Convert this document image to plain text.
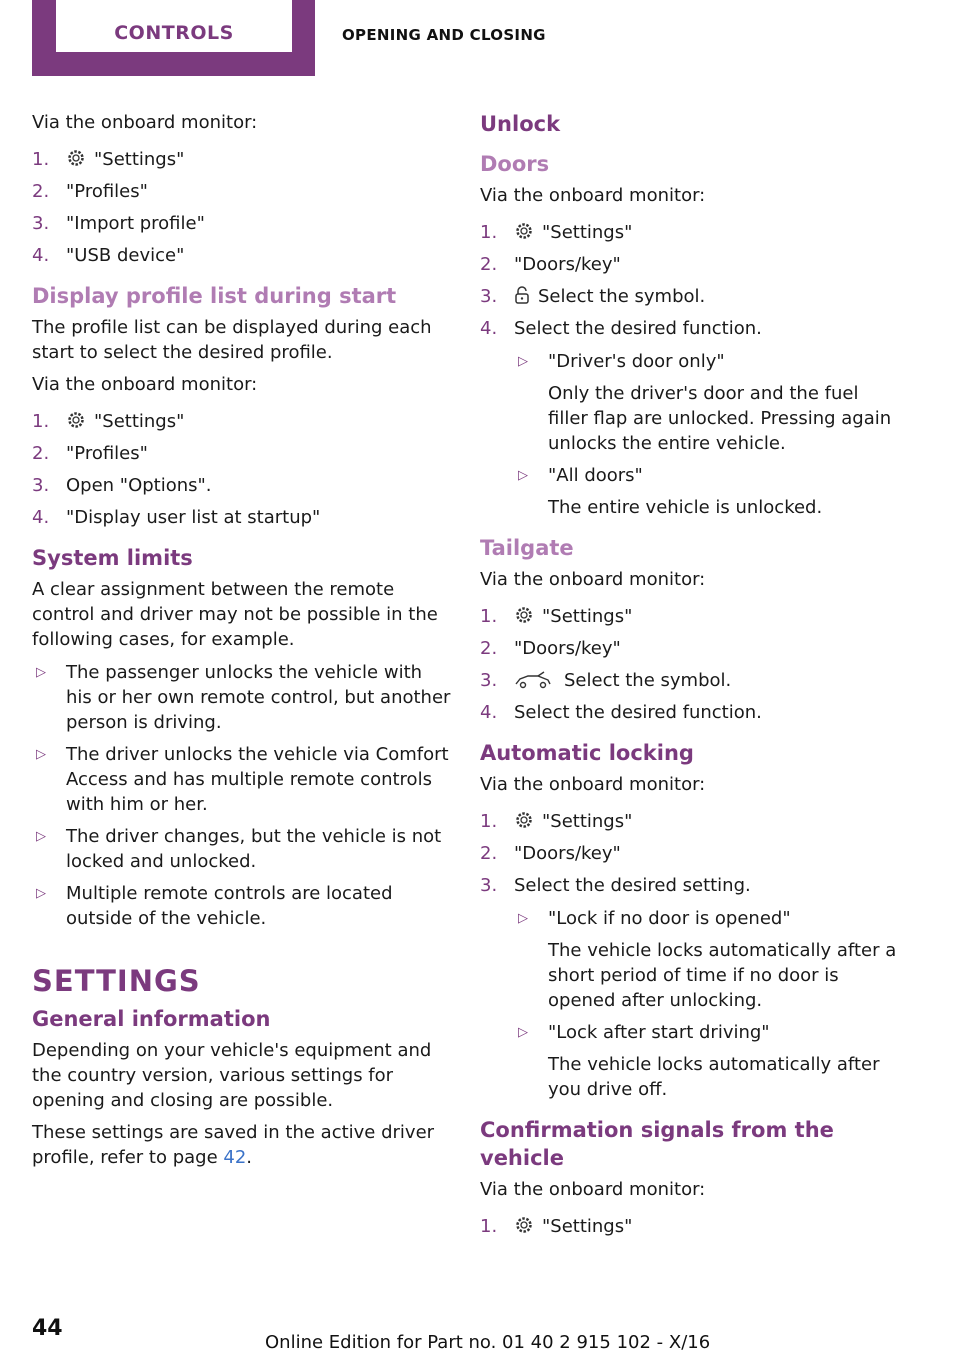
CONTROLS	OPENING AND CLOSING

Via the onboard monitor:

1. "Settings"
2. "Profiles"
3. "Import profile"
4. "USB device"
Display profile list during start

The profile list can be displayed during each start to select the desired profile.

Via the onboard monitor:

1. "Settings"
2. "Profiles"
3. Open "Options".
4. "Display user list at startup"
System limits

A clear assignment between the remote control and driver may not be possible in the following cases, for example.

▷ The passenger unlocks the vehicle with his or her own remote control, but another person is driving.
▷ The driver unlocks the vehicle via Comfort Access and has multiple remote controls with him or her.
▷ The driver changes, but the vehicle is not locked and unlocked.
▷ Multiple remote controls are located outside of the vehicle.
SETTINGS
General information

Depending on your vehicle's equipment and the country version, various settings for opening and closing are possible.

These settings are saved in the active driver profile, refer to page 42.

Unlock
Doors

Via the onboard monitor:

1. "Settings"
2. "Doors/key"
3. Select the symbol.
4. Select the desired function.
▷ "Driver's door only"

Only the driver's door and the fuel filler flap are unlocked. Pressing again unlocks the entire vehicle.

▷ "All doors"

The entire vehicle is unlocked.

Tailgate

Via the onboard monitor:

1. "Settings"
2. "Doors/key"
3.	Select the symbol.
4. Select the desired function.
Automatic locking

Via the onboard monitor:

1. "Settings"
2. "Doors/key"
3. Select the desired setting.
▷ "Lock if no door is opened"

The vehicle locks automatically after a short period of time if no door is opened after unlocking.

▷ "Lock after start driving"

The vehicle locks automatically after you drive off.

Confirmation signals from the vehicle

Via the onboard monitor:

1. "Settings"
44
Online Edition for Part no. 01 40 2 915 102 - X/16
